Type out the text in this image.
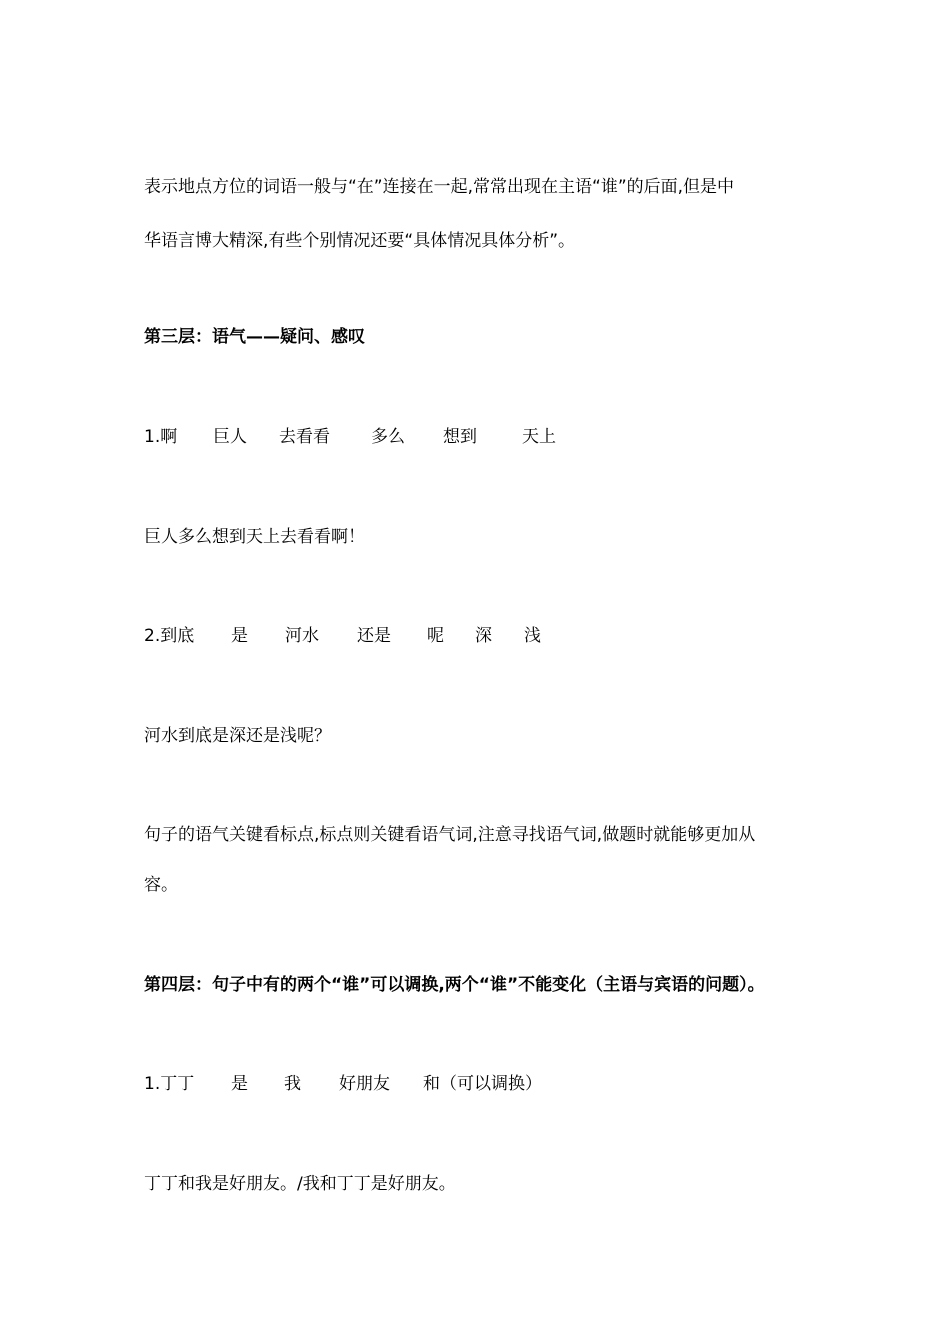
表示地点方位的词语一般与“在”连接在一起,常常出现在主语“谁”的后面,但是中
华语言博大精深,有些个别情况还要“具体情况具体分析”。
第三层：语气——疑问、感叹
1.啊 巨人 去看看 多么 想到	天上
巨人多么想到天上去看看啊！
2.到底 是 河水 还是 呢 深 浅
河水到底是深还是浅呢？
句子的语气关键看标点,标点则关键看语气词,注意寻找语气词,做题时就能够更加从
容。
第四层：句子中有的两个“谁”可以调换,两个“谁”不能变化（主语与宾语的问题）。
1.丁丁 是 我 好朋友 和（可以调换）
丁丁和我是好朋友。/我和丁丁是好朋友。
